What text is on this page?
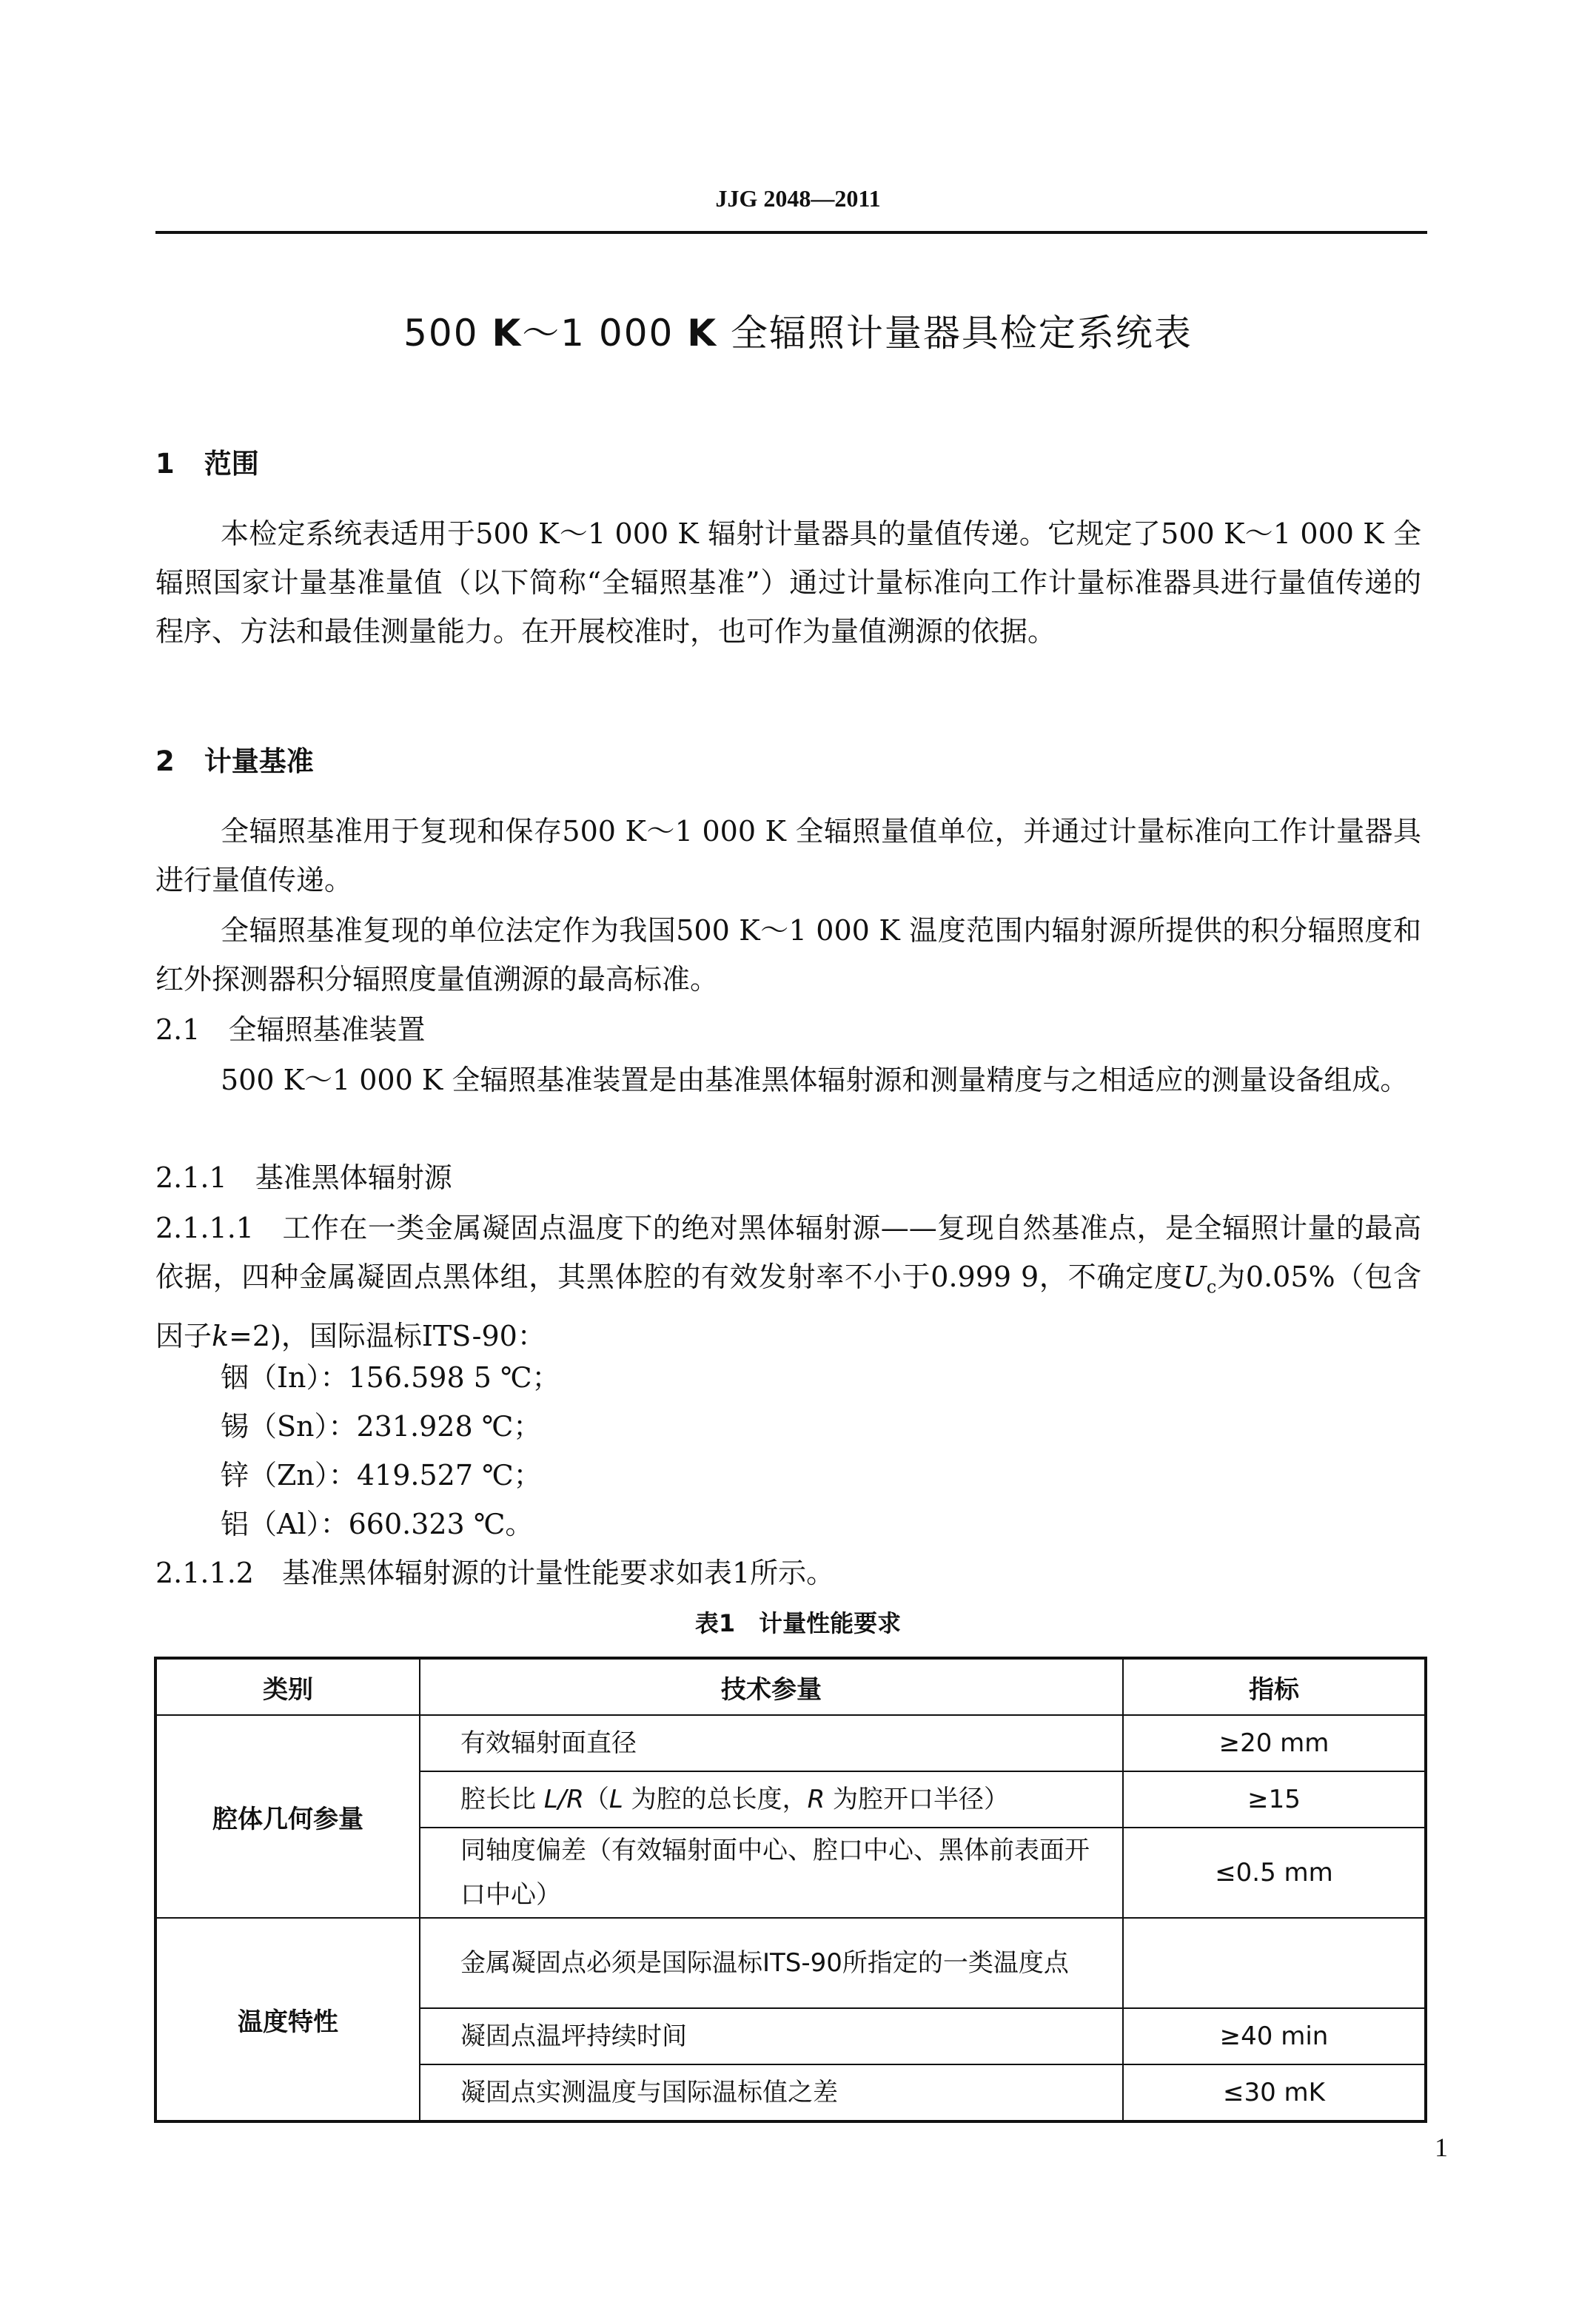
JJG 2048—2011
500 K～1 000 K 全辐照计量器具检定系统表
1 范围
本检定系统表适用于500 K～1 000 K 辐射计量器具的量值传递。它规定了500 K～1 000 K 全辐照国家计量基准量值（以下简称“全辐照基准”）通过计量标准向工作计量标准器具进行量值传递的程序、方法和最佳测量能力。在开展校准时，也可作为量值溯源的依据。
2 计量基准
全辐照基准用于复现和保存500 K～1 000 K 全辐照量值单位，并通过计量标准向工作计量器具进行量值传递。
全辐照基准复现的单位法定作为我国500 K～1 000 K 温度范围内辐射源所提供的积分辐照度和红外探测器积分辐照度量值溯源的最高标准。
2.1 全辐照基准装置
500 K～1 000 K 全辐照基准装置是由基准黑体辐射源和测量精度与之相适应的测量设备组成。
2.1.1 基准黑体辐射源
2.1.1.1 工作在一类金属凝固点温度下的绝对黑体辐射源——复现自然基准点，是全辐照计量的最高依据，四种金属凝固点黑体组，其黑体腔的有效发射率不小于0.999 9，不确定度$U_c$为0.05%（包含因子k=2)，国际温标ITS-90：
铟（In）：156.598 5 ℃；
锡（Sn）：231.928 ℃；
锌（Zn）：419.527 ℃；
铝（Al）：660.323 ℃。
2.1.1.2 基准黑体辐射源的计量性能要求如表1所示。
表1　计量性能要求
类别	技术参量	指标
腔体几何参量	有效辐射面直径	≥20 mm
	腔长比 L/R（L 为腔的总长度，R 为腔开口半径）	≥15
	同轴度偏差（有效辐射面中心、腔口中心、黑体前表面开口中心）	≤0.5 mm
温度特性	金属凝固点必须是国际温标ITS-90所指定的一类温度点	
	凝固点温坪持续时间	≥40 min
	凝固点实测温度与国际温标值之差	≤30 mK
1
